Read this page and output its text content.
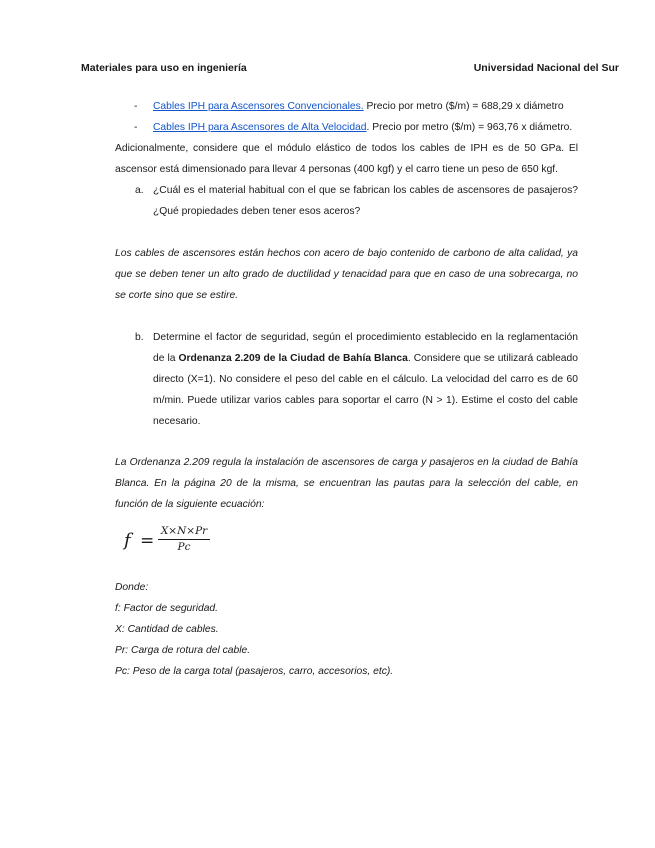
Materiales para uso en ingeniería	Universidad Nacional del Sur
- Cables IPH para Ascensores Convencionales. Precio por metro ($/m) = 688,29 x diámetro
- Cables IPH para Ascensores de Alta Velocidad. Precio por metro ($/m) = 963,76 x diámetro.
Adicionalmente, considere que el módulo elástico de todos los cables de IPH es de 50 GPa. El ascensor está dimensionado para llevar 4 personas (400 kgf) y el carro tiene un peso de 650 kgf.
a. ¿Cuál es el material habitual con el que se fabrican los cables de ascensores de pasajeros? ¿Qué propiedades deben tener esos aceros?
Los cables de ascensores están hechos con acero de bajo contenido de carbono de alta calidad, ya que se deben tener un alto grado de ductilidad y tenacidad para que en caso de una sobrecarga, no se corte sino que se estire.
b. Determine el factor de seguridad, según el procedimiento establecido en la reglamentación de la Ordenanza 2.209 de la Ciudad de Bahía Blanca. Considere que se utilizará cableado directo (X=1). No considere el peso del cable en el cálculo. La velocidad del carro es de 60 m/min. Puede utilizar varios cables para soportar el carro (N > 1). Estime el costo del cable necesario.
La Ordenanza 2.209 regula la instalación de ascensores de carga y pasajeros en la ciudad de Bahía Blanca. En la página 20 de la misma, se encuentran las pautas para la selección del cable, en función de la siguiente ecuación:
f = X×N×Pr
Pc
Donde:
f: Factor de seguridad.
X: Cantidad de cables.
Pr: Carga de rotura del cable.
Pc: Peso de la carga total (pasajeros, carro, accesorios, etc).
